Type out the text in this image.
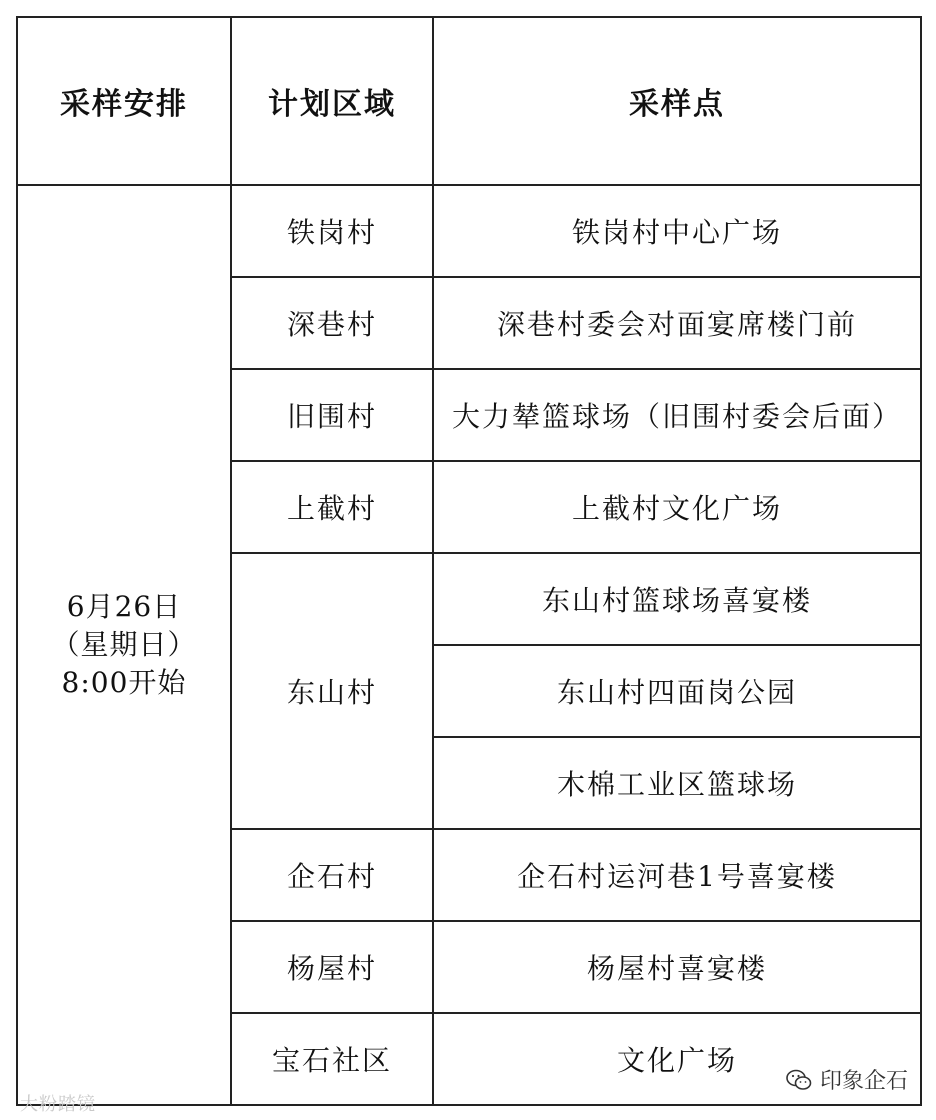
采样安排	计划区域	采样点

6月26日
（星期日）
8:00开始	铁岗村	铁岗村中心广场
	深巷村	深巷村委会对面宴席楼门前
	旧围村	大力辇篮球场（旧围村委会后面）
	上截村	上截村文化广场
	东山村	东山村篮球场喜宴楼
		东山村四面岗公园
		木棉工业区篮球场
	企石村	企石村运河巷1号喜宴楼
	杨屋村	杨屋村喜宴楼
	宝石社区	文化广场
大粉踏镜
印象企石
